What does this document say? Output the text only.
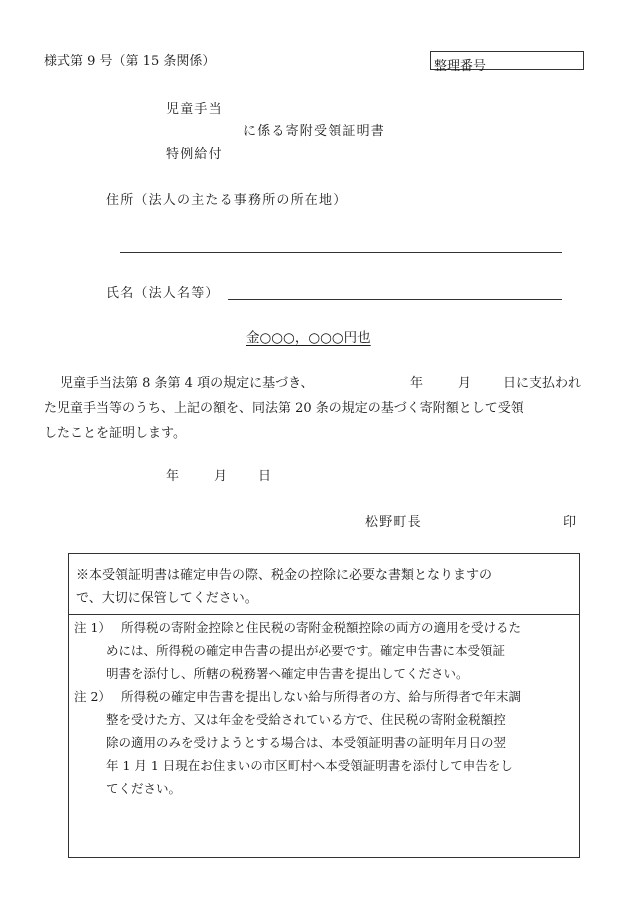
様式第 9 号（第 15 条関係）	整理番号
児童手当
に係る寄附受領証明書
特例給付
住所（法人の主たる事務所の所在地）
氏名（法人名等）
金○○○，○○○円也
児童手当法第 8 条第 4 項の規定に基づき、	年	月 日に支払われ
た児童手当等のうち、上記の額を、同法第 20 条の規定の基づく寄附額として受領
したことを証明します。
年	月 日
松野町長	印
※本受領証明書は確定申告の際、税金の控除に必要な書類となりますの
で、大切に保管してください。
注 1） 所得税の寄附金控除と住民税の寄附金税額控除の両方の適用を受けるた
めには、所得税の確定申告書の提出が必要です。確定申告書に本受領証
明書を添付し、所轄の税務署へ確定申告書を提出してください。
注 2） 所得税の確定申告書を提出しない給与所得者の方、給与所得者で年末調
整を受けた方、又は年金を受給されている方で、住民税の寄附金税額控
除の適用のみを受けようとする場合は、本受領証明書の証明年月日の翌
年 1 月 1 日現在お住まいの市区町村へ本受領証明書を添付して申告をし
てください。
